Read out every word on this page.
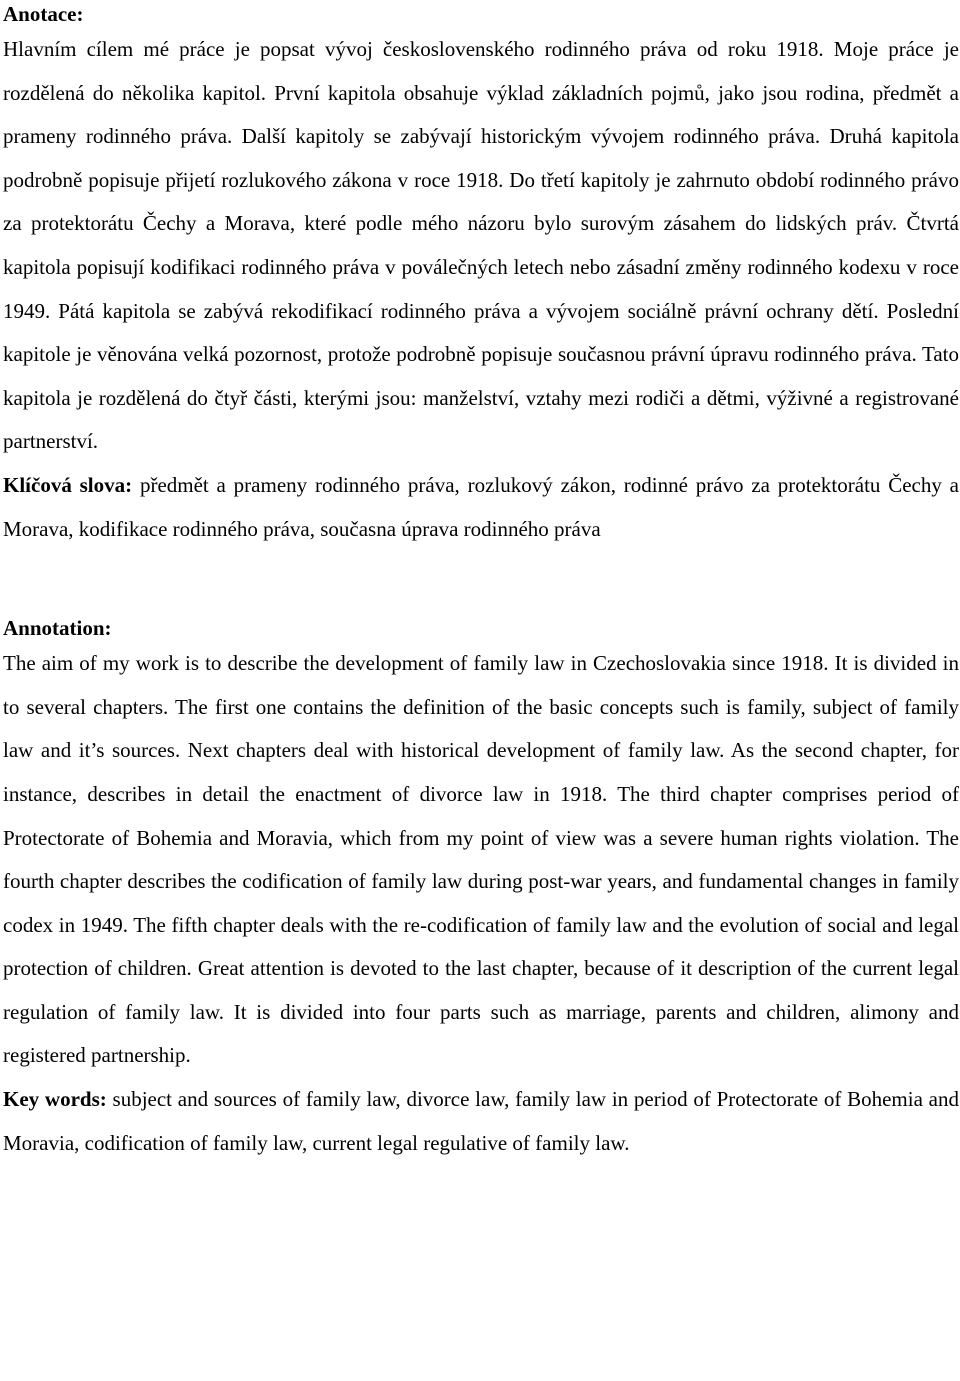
Anotace:

Hlavním cílem mé práce je popsat vývoj československého rodinného práva od roku 1918. Moje práce je rozdělená do několika kapitol. První kapitola obsahuje výklad základních pojmů, jako jsou rodina, předmět a prameny rodinného práva. Další kapitoly se zabývají historickým vývojem rodinného práva. Druhá kapitola podrobně popisuje přijetí rozlukového zákona v roce 1918. Do třetí kapitoly je zahrnuto období rodinného právo za protektorátu Čechy a Morava, které podle mého názoru bylo surovým zásahem do lidských práv. Čtvrtá kapitola popisují kodifikaci rodinného práva v poválečných letech nebo zásadní změny rodinného kodexu v roce 1949. Pátá kapitola se zabývá rekodifikací rodinného práva a vývojem sociálně právní ochrany dětí. Poslední kapitole je věnována velká pozornost, protože podrobně popisuje současnou právní úpravu rodinného práva. Tato kapitola je rozdělená do čtyř části, kterými jsou: manželství, vztahy mezi rodiči a dětmi, výživné a registrované partnerství.

Klíčová slova: předmět a prameny rodinného práva, rozlukový zákon, rodinné právo za protektorátu Čechy a Morava, kodifikace rodinného práva, současna úprava rodinného práva

Annotation:

The aim of my work is to describe the development of family law in Czechoslovakia since 1918. It is divided in to several chapters. The first one contains the definition of the basic concepts such is family, subject of family law and it’s sources. Next chapters deal with historical development of family law. As the second chapter, for instance, describes in detail the enactment of divorce law in 1918. The third chapter comprises period of Protectorate of Bohemia and Moravia, which from my point of view was a severe human rights violation. The fourth chapter describes the codification of family law during post-war years, and fundamental changes in family codex in 1949. The fifth chapter deals with the re-codification of family law and the evolution of social and legal protection of children. Great attention is devoted to the last chapter, because of it description of the current legal regulation of family law. It is divided into four parts such as marriage, parents and children, alimony and registered partnership.

Key words: subject and sources of family law, divorce law, family law in period of Protectorate of Bohemia and Moravia, codification of family law, current legal regulative of family law.
